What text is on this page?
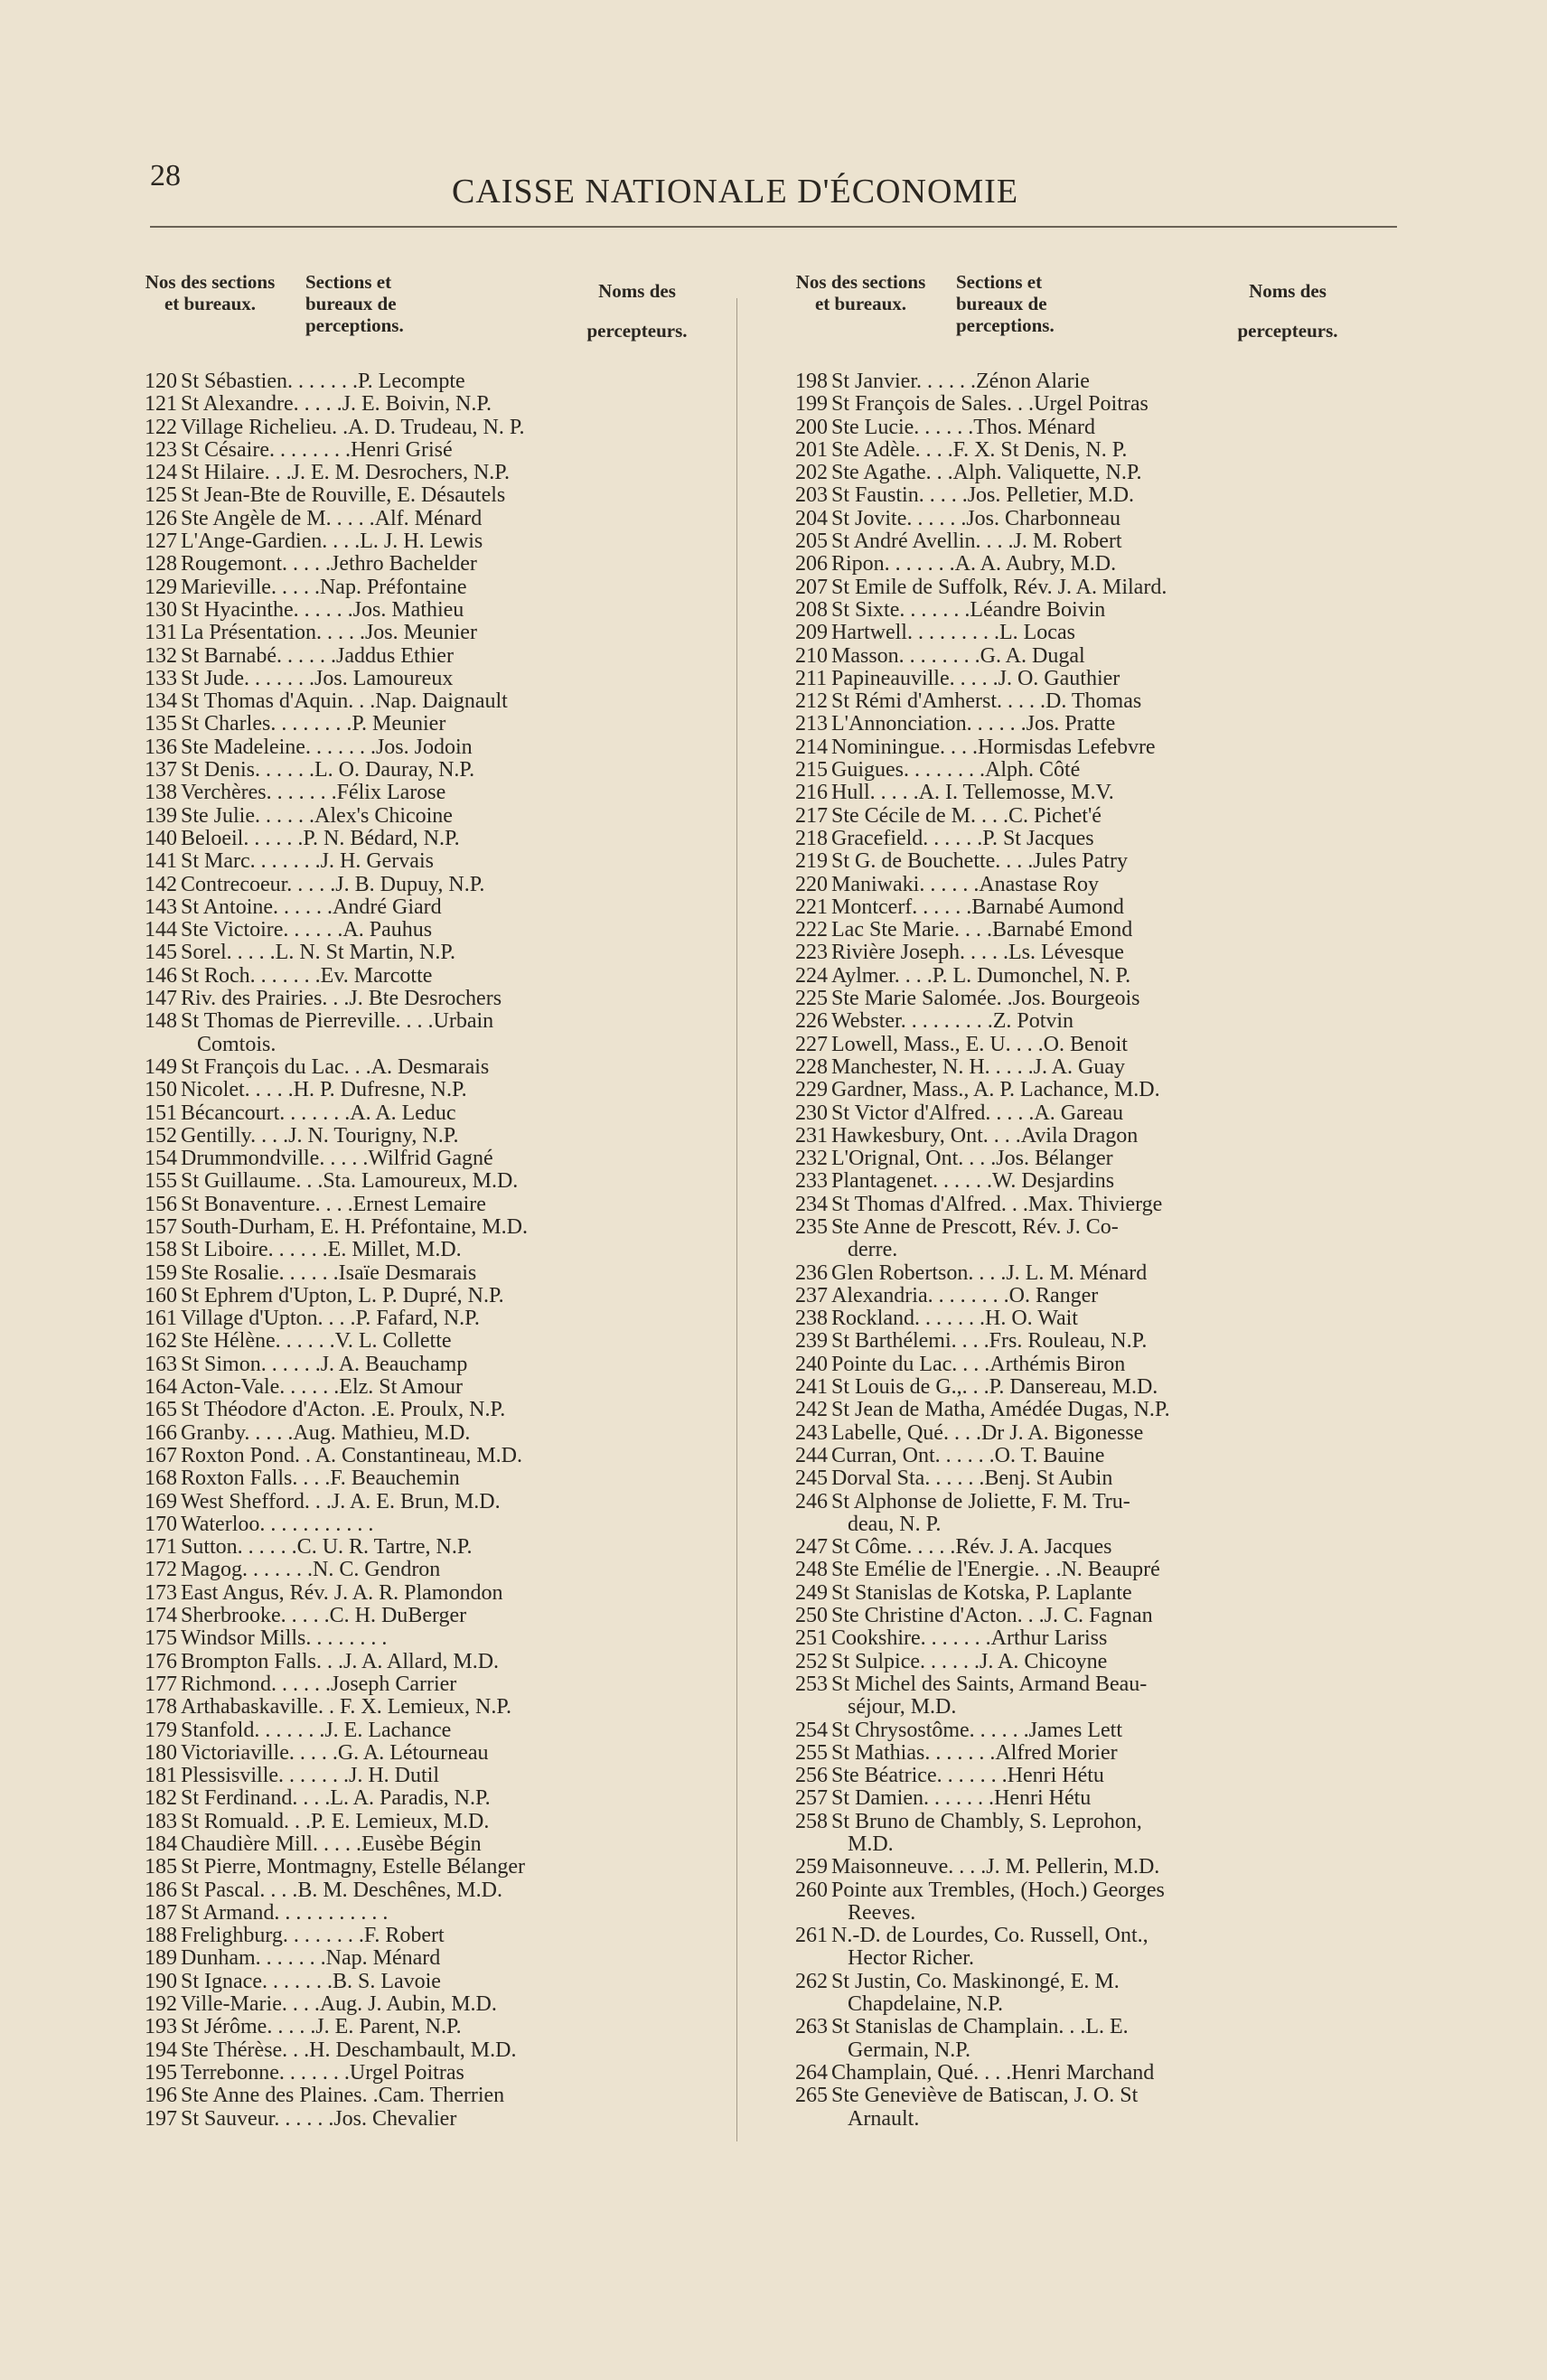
28	CAISSE NATIONALE D'ÉCONOMIE
Nos des sections et bureaux.
Sections et bureaux de perceptions.
Noms des
percepteurs.
120 St Sébastien. . . . . . .P. Lecompte
121 St Alexandre. . . . .J. E. Boivin, N.P.
122 Village Richelieu. .A. D. Trudeau, N. P.
123 St Césaire. . . . . . . .Henri Grisé
124 St Hilaire. . .J. E. M. Desrochers, N.P.
125 St Jean-Bte de Rouville, E. Désautels
126 Ste Angèle de M. . . . .Alf. Ménard
127 L'Ange-Gardien. . . .L. J. H. Lewis
128 Rougemont. . . . .Jethro Bachelder
129 Marieville. . . . .Nap. Préfontaine
130 St Hyacinthe. . . . . .Jos. Mathieu
131 La Présentation. . . . .Jos. Meunier
132 St Barnabé. . . . . .Jaddus Ethier
133 St Jude. . . . . . .Jos. Lamoureux
134 St Thomas d'Aquin. . .Nap. Daignault
135 St Charles. . . . . . . .P. Meunier
136 Ste Madeleine. . . . . . .Jos. Jodoin
137 St Denis. . . . . .L. O. Dauray, N.P.
138 Verchères. . . . . . .Félix Larose
139 Ste Julie. . . . . .Alex's Chicoine
140 Beloeil. . . . . .P. N. Bédard, N.P.
141 St Marc. . . . . . .J. H. Gervais
142 Contrecoeur. . . . .J. B. Dupuy, N.P.
143 St Antoine. . . . . .André Giard
144 Ste Victoire. . . . . .A. Pauhus
145 Sorel. . . . .L. N. St Martin, N.P.
146 St Roch. . . . . . .Ev. Marcotte
147 Riv. des Prairies. . .J. Bte Desrochers
148 St Thomas de Pierreville. . . .Urbain
Comtois.
149 St François du Lac. . .A. Desmarais
150 Nicolet. . . . .H. P. Dufresne, N.P.
151 Bécancourt. . . . . . .A. A. Leduc
152 Gentilly. . . .J. N. Tourigny, N.P.
154 Drummondville. . . . .Wilfrid Gagné
155 St Guillaume. . .Sta. Lamoureux, M.D.
156 St Bonaventure. . . .Ernest Lemaire
157 South-Durham, E. H. Préfontaine, M.D.
158 St Liboire. . . . . .E. Millet, M.D.
159 Ste Rosalie. . . . . .Isaïe Desmarais
160 St Ephrem d'Upton, L. P. Dupré, N.P.
161 Village d'Upton. . . .P. Fafard, N.P.
162 Ste Hélène. . . . . .V. L. Collette
163 St Simon. . . . . .J. A. Beauchamp
164 Acton-Vale. . . . . .Elz. St Amour
165 St Théodore d'Acton. .E. Proulx, N.P.
166 Granby. . . . .Aug. Mathieu, M.D.
167 Roxton Pond. . A. Constantineau, M.D.
168 Roxton Falls. . . .F. Beauchemin
169 West Shefford. . .J. A. E. Brun, M.D.
170 Waterloo. . . . . . . . . . .
171 Sutton. . . . . .C. U. R. Tartre, N.P.
172 Magog. . . . . . .N. C. Gendron
173 East Angus, Rév. J. A. R. Plamondon
174 Sherbrooke. . . . .C. H. DuBerger
175 Windsor Mills. . . . . . . .
176 Brompton Falls. . .J. A. Allard, M.D.
177 Richmond. . . . . .Joseph Carrier
178 Arthabaskaville. . F. X. Lemieux, N.P.
179 Stanfold. . . . . . .J. E. Lachance
180 Victoriaville. . . . .G. A. Létourneau
181 Plessisville. . . . . . .J. H. Dutil
182 St Ferdinand. . . .L. A. Paradis, N.P.
183 St Romuald. . .P. E. Lemieux, M.D.
184 Chaudière Mill. . . . .Eusèbe Bégin
185 St Pierre, Montmagny, Estelle Bélanger
186 St Pascal. . . .B. M. Deschênes, M.D.
187 St Armand. . . . . . . . . . .
188 Frelighburg. . . . . . . .F. Robert
189 Dunham. . . . . . .Nap. Ménard
190 St Ignace. . . . . . .B. S. Lavoie
192 Ville-Marie. . . .Aug. J. Aubin, M.D.
193 St Jérôme. . . . .J. E. Parent, N.P.
194 Ste Thérèse. . .H. Deschambault, M.D.
195 Terrebonne. . . . . . .Urgel Poitras
196 Ste Anne des Plaines. .Cam. Therrien
197 St Sauveur. . . . . .Jos. Chevalier
Nos des sections et bureaux.
Sections et bureaux de perceptions.
Noms des
percepteurs.
198 St Janvier. . . . . .Zénon Alarie
199 St François de Sales. . .Urgel Poitras
200 Ste Lucie. . . . . .Thos. Ménard
201 Ste Adèle. . . .F. X. St Denis, N. P.
202 Ste Agathe. . .Alph. Valiquette, N.P.
203 St Faustin. . . . .Jos. Pelletier, M.D.
204 St Jovite. . . . . .Jos. Charbonneau
205 St André Avellin. . . .J. M. Robert
206 Ripon. . . . . . .A. A. Aubry, M.D.
207 St Emile de Suffolk, Rév. J. A. Milard.
208 St Sixte. . . . . . .Léandre Boivin
209 Hartwell. . . . . . . . .L. Locas
210 Masson. . . . . . . .G. A. Dugal
211 Papineauville. . . . .J. O. Gauthier
212 St Rémi d'Amherst. . . . .D. Thomas
213 L'Annonciation. . . . . .Jos. Pratte
214 Nominingue. . . .Hormisdas Lefebvre
215 Guigues. . . . . . . .Alph. Côté
216 Hull. . . . .A. I. Tellemosse, M.V.
217 Ste Cécile de M. . . .C. Pichet'é
218 Gracefield. . . . . .P. St Jacques
219 St G. de Bouchette. . . .Jules Patry
220 Maniwaki. . . . . .Anastase Roy
221 Montcerf. . . . . .Barnabé Aumond
222 Lac Ste Marie. . . .Barnabé Emond
223 Rivière Joseph. . . . .Ls. Lévesque
224 Aylmer. . . .P. L. Dumonchel, N. P.
225 Ste Marie Salomée. .Jos. Bourgeois
226 Webster. . . . . . . . .Z. Potvin
227 Lowell, Mass., E. U. . . .O. Benoit
228 Manchester, N. H. . . . .J. A. Guay
229 Gardner, Mass., A. P. Lachance, M.D.
230 St Victor d'Alfred. . . . .A. Gareau
231 Hawkesbury, Ont. . . .Avila Dragon
232 L'Orignal, Ont. . . .Jos. Bélanger
233 Plantagenet. . . . . .W. Desjardins
234 St Thomas d'Alfred. . .Max. Thivierge
235 Ste Anne de Prescott, Rév. J. Co-
derre.
236 Glen Robertson. . . .J. L. M. Ménard
237 Alexandria. . . . . . . .O. Ranger
238 Rockland. . . . . . .H. O. Wait
239 St Barthélemi. . . .Frs. Rouleau, N.P.
240 Pointe du Lac. . . .Arthémis Biron
241 St Louis de G.,. . .P. Dansereau, M.D.
242 St Jean de Matha, Amédée Dugas, N.P.
243 Labelle, Qué. . . .Dr J. A. Bigonesse
244 Curran, Ont. . . . . .O. T. Bauine
245 Dorval Sta. . . . . .Benj. St Aubin
246 St Alphonse de Joliette, F. M. Tru-
deau, N. P.
247 St Côme. . . . .Rév. J. A. Jacques
248 Ste Emélie de l'Energie. . .N. Beaupré
249 St Stanislas de Kotska, P. Laplante
250 Ste Christine d'Acton. . .J. C. Fagnan
251 Cookshire. . . . . . .Arthur Lariss
252 St Sulpice. . . . . .J. A. Chicoyne
253 St Michel des Saints, Armand Beau-
séjour, M.D.
254 St Chrysostôme. . . . . .James Lett
255 St Mathias. . . . . . .Alfred Morier
256 Ste Béatrice. . . . . . .Henri Hétu
257 St Damien. . . . . . .Henri Hétu
258 St Bruno de Chambly, S. Leprohon,
M.D.
259 Maisonneuve. . . .J. M. Pellerin, M.D.
260 Pointe aux Trembles, (Hoch.) Georges
Reeves.
261 N.-D. de Lourdes, Co. Russell, Ont.,
Hector Richer.
262 St Justin, Co. Maskinongé, E. M.
Chapdelaine, N.P.
263 St Stanislas de Champlain. . .L. E.
Germain, N.P.
264 Champlain, Qué. . . .Henri Marchand
265 Ste Geneviève de Batiscan, J. O. St
Arnault.
